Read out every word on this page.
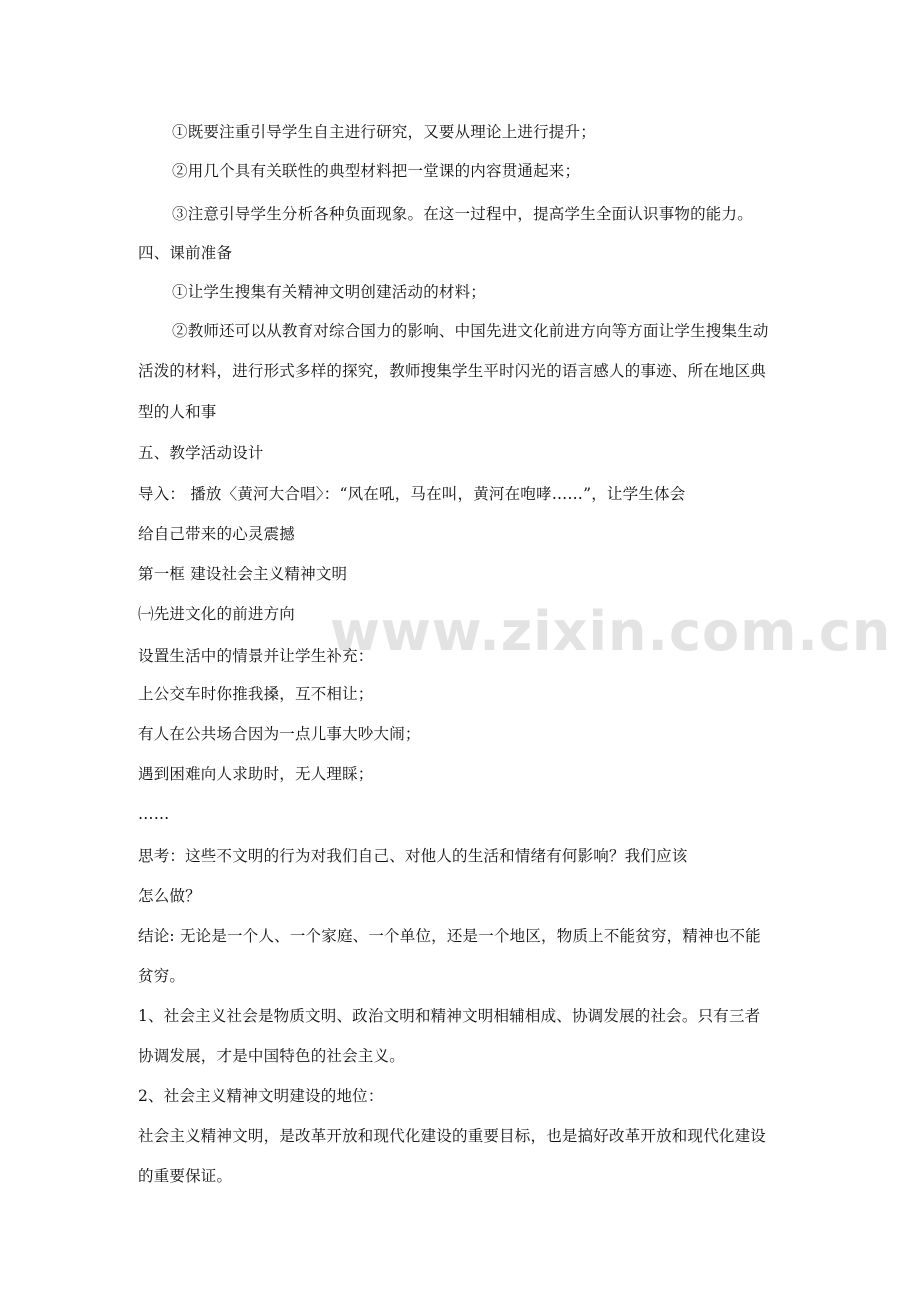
www.zixin.com.cn
①既要注重引导学生自主进行研究，又要从理论上进行提升；
②用几个具有关联性的典型材料把一堂课的内容贯通起来；
③注意引导学生分析各种负面现象。在这一过程中，提高学生全面认识事物的能力。
四、课前准备
①让学生搜集有关精神文明创建活动的材料；
②教师还可以从教育对综合国力的影响、中国先进文化前进方向等方面让学生搜集生动
活泼的材料，进行形式多样的探究，教师搜集学生平时闪光的语言感人的事迹、所在地区典
型的人和事
五、教学活动设计
导入： 播放〈黄河大合唱〉：“风在吼，马在叫，黄河在咆哮……”，让学生体会
给自己带来的心灵震撼
第一框 建设社会主义精神文明
㈠先进文化的前进方向
设置生活中的情景并让学生补充：
上公交车时你推我搡，互不相让；
有人在公共场合因为一点儿事大吵大闹；
遇到困难向人求助时，无人理睬；
……
思考：这些不文明的行为对我们自己、对他人的生活和情绪有何影响？我们应该
怎么做？
结论: 无论是一个人、一个家庭、一个单位，还是一个地区，物质上不能贫穷，精神也不能
贫穷。
1、社会主义社会是物质文明、政治文明和精神文明相辅相成、协调发展的社会。只有三者
协调发展，才是中国特色的社会主义。
2、社会主义精神文明建设的地位：
社会主义精神文明，是改革开放和现代化建设的重要目标，也是搞好改革开放和现代化建设
的重要保证。
